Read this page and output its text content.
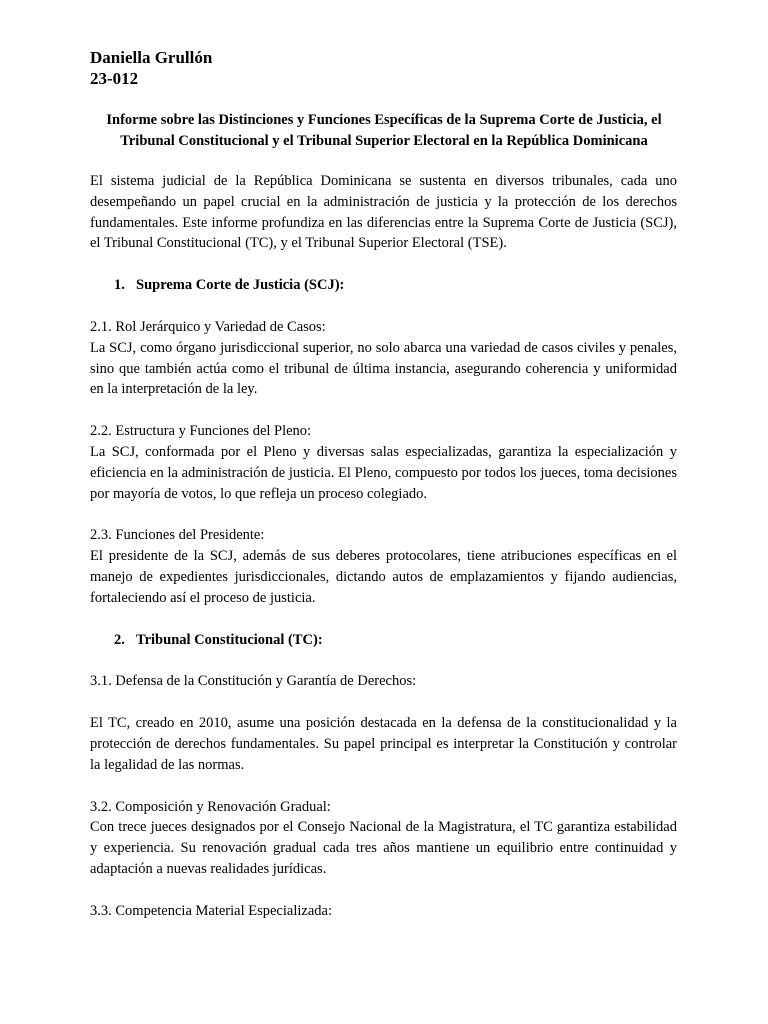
Daniella Grullón
23-012
Informe sobre las Distinciones y Funciones Específicas de la Suprema Corte de Justicia, el Tribunal Constitucional y el Tribunal Superior Electoral en la República Dominicana

El sistema judicial de la República Dominicana se sustenta en diversos tribunales, cada uno desempeñando un papel crucial en la administración de justicia y la protección de los derechos fundamentales. Este informe profundiza en las diferencias entre la Suprema Corte de Justicia (SCJ), el Tribunal Constitucional (TC), y el Tribunal Superior Electoral (TSE).

1. Suprema Corte de Justicia (SCJ):

2.1. Rol Jerárquico y Variedad de Casos:

La SCJ, como órgano jurisdiccional superior, no solo abarca una variedad de casos civiles y penales, sino que también actúa como el tribunal de última instancia, asegurando coherencia y uniformidad en la interpretación de la ley.

2.2. Estructura y Funciones del Pleno:

La SCJ, conformada por el Pleno y diversas salas especializadas, garantiza la especialización y eficiencia en la administración de justicia. El Pleno, compuesto por todos los jueces, toma decisiones por mayoría de votos, lo que refleja un proceso colegiado.

2.3. Funciones del Presidente:

El presidente de la SCJ, además de sus deberes protocolares, tiene atribuciones específicas en el manejo de expedientes jurisdiccionales, dictando autos de emplazamientos y fijando audiencias, fortaleciendo así el proceso de justicia.

2. Tribunal Constitucional (TC):

3.1. Defensa de la Constitución y Garantía de Derechos:

El TC, creado en 2010, asume una posición destacada en la defensa de la constitucionalidad y la protección de derechos fundamentales. Su papel principal es interpretar la Constitución y controlar la legalidad de las normas.

3.2. Composición y Renovación Gradual:

Con trece jueces designados por el Consejo Nacional de la Magistratura, el TC garantiza estabilidad y experiencia. Su renovación gradual cada tres años mantiene un equilibrio entre continuidad y adaptación a nuevas realidades jurídicas.

3.3. Competencia Material Especializada:
